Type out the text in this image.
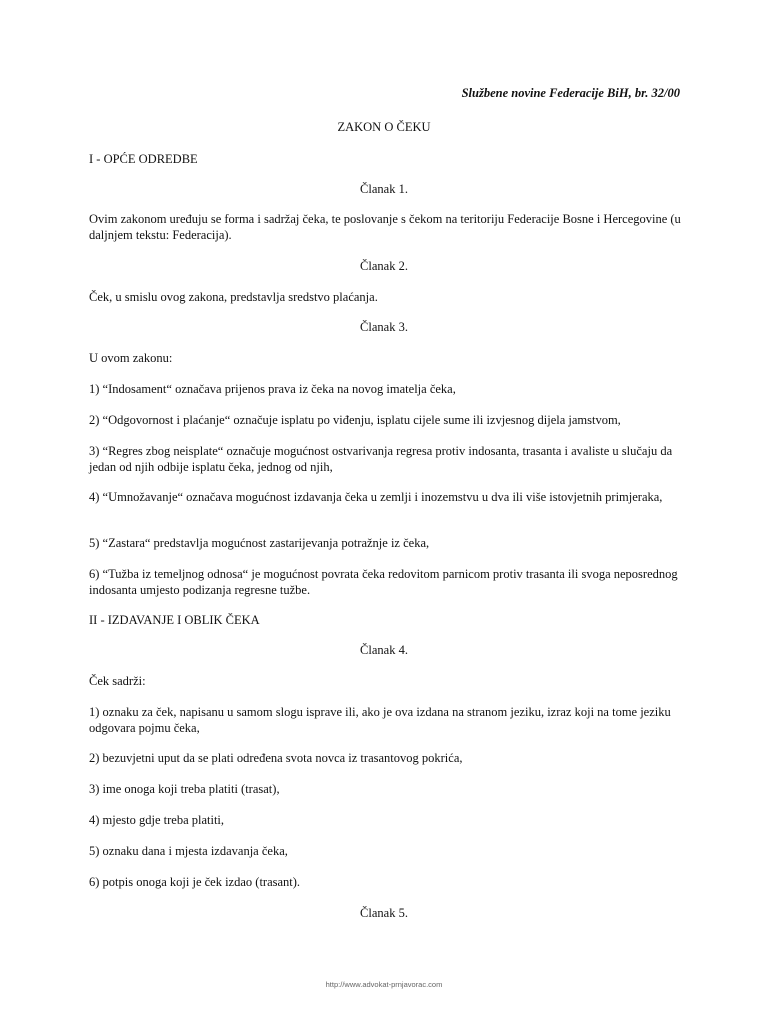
Službene novine Federacije BiH, br. 32/00
ZAKON O ČEKU
I - OPĆE ODREDBE
Članak 1.
Ovim zakonom uređuju se forma i sadržaj čeka, te poslovanje s čekom na teritoriju Federacije Bosne i Hercegovine (u daljnjem tekstu: Federacija).
Članak 2.
Ček, u smislu ovog zakona, predstavlja sredstvo plaćanja.
Članak 3.
U ovom zakonu:
1) “Indosament“ označava prijenos prava iz čeka na novog imatelja čeka,
2) “Odgovornost i plaćanje“ označuje isplatu po viđenju, isplatu cijele sume ili izvjesnog dijela jamstvom,
3) “Regres zbog neisplate“ označuje mogućnost ostvarivanja regresa protiv indosanta, trasanta i avaliste u slučaju da jedan od njih odbije isplatu čeka, jednog od njih,
4) “Umnožavanje“ označava mogućnost izdavanja čeka u zemlji i inozemstvu u dva ili više istovjetnih primjeraka,
5) “Zastara“ predstavlja mogućnost zastarijevanja potražnje iz čeka,
6) “Tužba iz temeljnog odnosa“ je mogućnost povrata čeka redovitom parnicom protiv trasanta ili svoga neposrednog indosanta umjesto podizanja regresne tužbe.
II - IZDAVANJE I OBLIK ČEKA
Članak 4.
Ček sadrži:
1) oznaku za ček, napisanu u samom slogu isprave ili, ako je ova izdana na stranom jeziku, izraz koji na tome jeziku odgovara pojmu čeka,
2) bezuvjetni uput da se plati određena svota novca iz trasantovog pokrića,
3) ime onoga koji treba platiti (trasat),
4) mjesto gdje treba platiti,
5) oznaku dana i mjesta izdavanja čeka,
6) potpis onoga koji je ček izdao (trasant).
Članak 5.
http://www.advokat-prnjavorac.com
